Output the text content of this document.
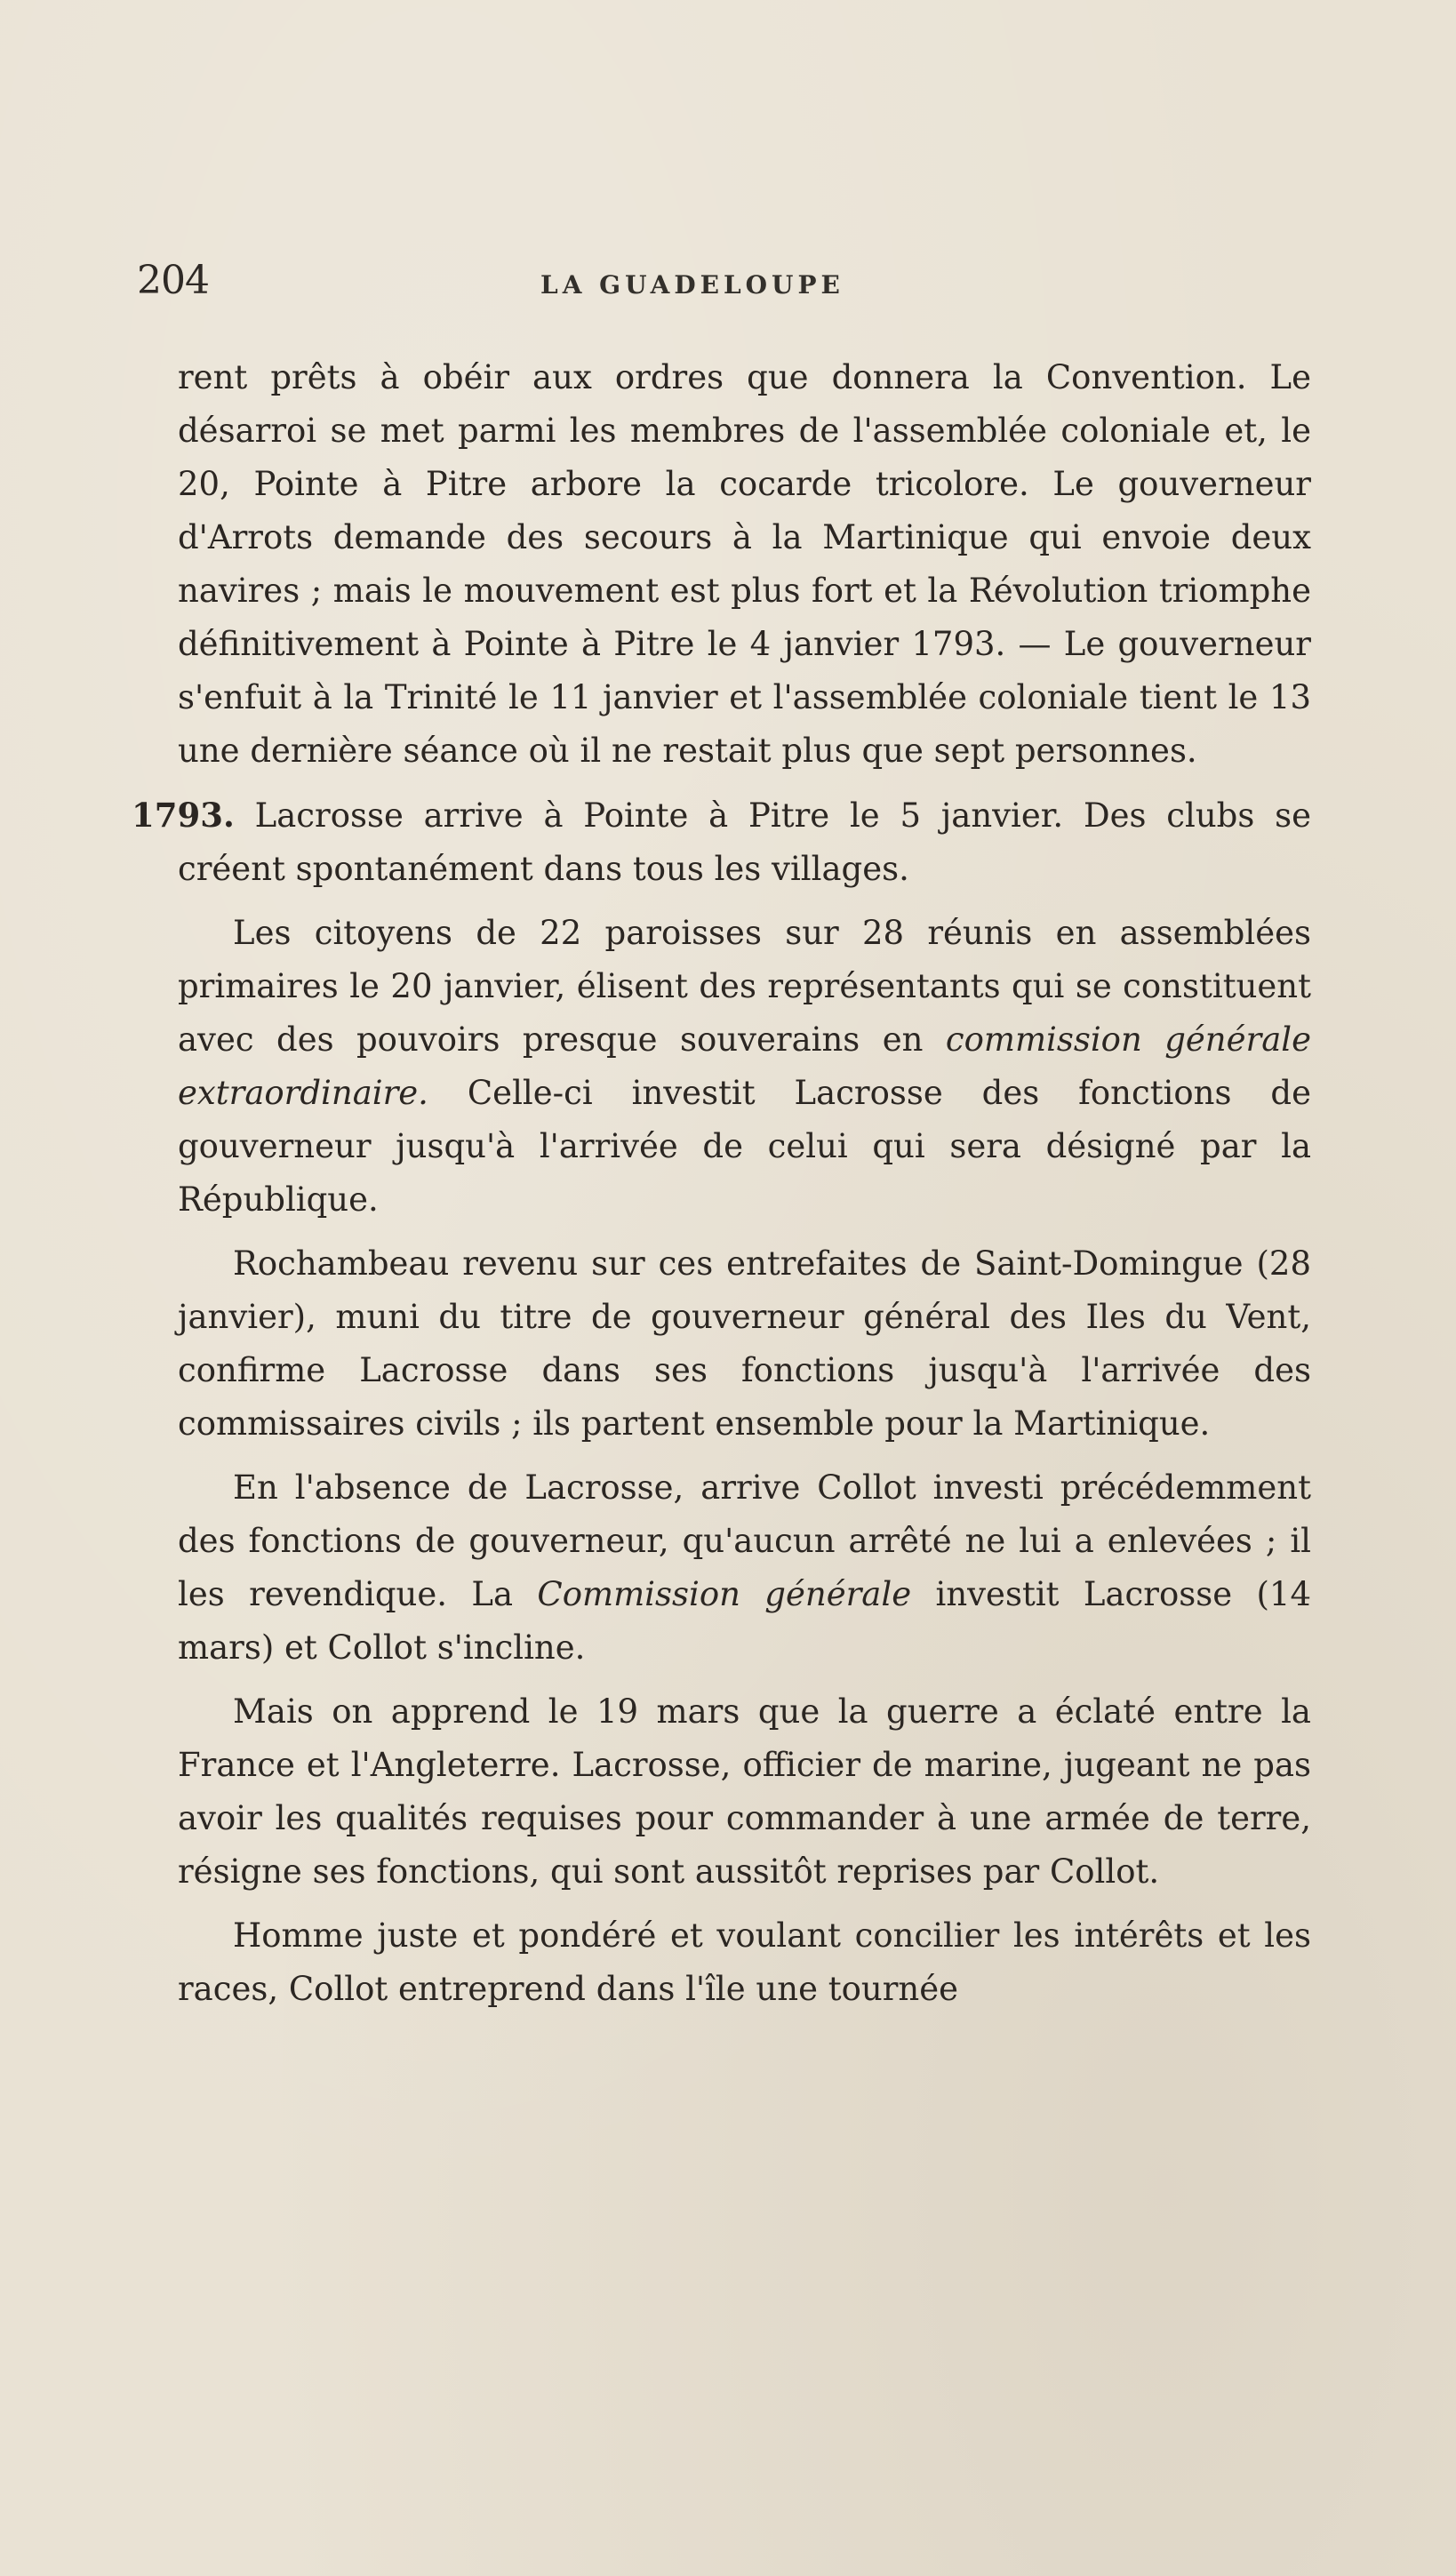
204	LA GUADELOUPE

rent prêts à obéir aux ordres que donnera la Convention. Le désarroi se met parmi les membres de l'assemblée coloniale et, le 20, Pointe à Pitre arbore la cocarde tricolore. Le gouverneur d'Arrots demande des secours à la Martinique qui envoie deux navires ; mais le mouvement est plus fort et la Révolution triomphe définitivement à Pointe à Pitre le 4 janvier 1793. — Le gouverneur s'enfuit à la Trinité le 11 janvier et l'assemblée coloniale tient le 13 une dernière séance où il ne restait plus que sept personnes.

1793. Lacrosse arrive à Pointe à Pitre le 5 janvier. Des clubs se créent spontanément dans tous les villages.

Les citoyens de 22 paroisses sur 28 réunis en assemblées primaires le 20 janvier, élisent des représentants qui se constituent avec des pouvoirs presque souverains en commission générale extraordinaire. Celle-ci investit Lacrosse des fonctions de gouverneur jusqu'à l'arrivée de celui qui sera désigné par la République.

Rochambeau revenu sur ces entrefaites de Saint-Domingue (28 janvier), muni du titre de gouverneur général des Iles du Vent, confirme Lacrosse dans ses fonctions jusqu'à l'arrivée des commissaires civils ; ils partent ensemble pour la Martinique.

En l'absence de Lacrosse, arrive Collot investi précédemment des fonctions de gouverneur, qu'aucun arrêté ne lui a enlevées ; il les revendique. La Commission générale investit Lacrosse (14 mars) et Collot s'incline.

Mais on apprend le 19 mars que la guerre a éclaté entre la France et l'Angleterre. Lacrosse, officier de marine, jugeant ne pas avoir les qualités requises pour commander à une armée de terre, résigne ses fonctions, qui sont aussitôt reprises par Collot.

Homme juste et pondéré et voulant concilier les intérêts et les races, Collot entreprend dans l'île une tournée
